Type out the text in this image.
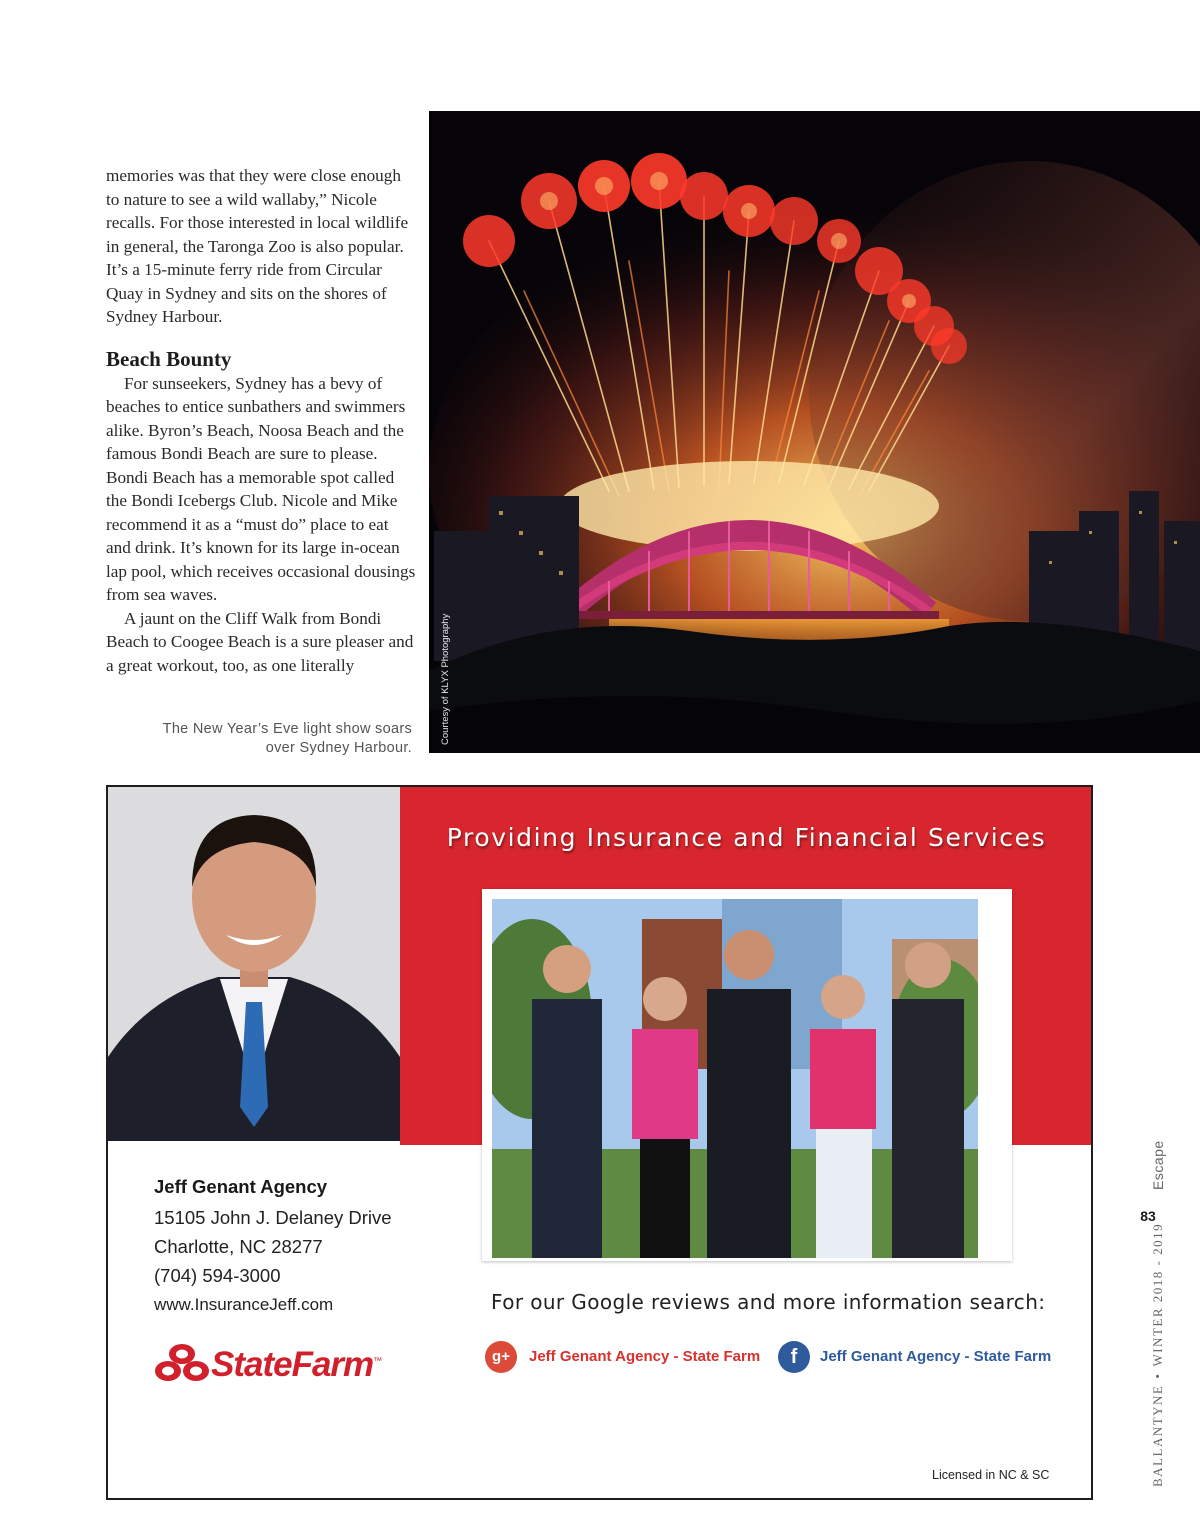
memories was that they were close enough to nature to see a wild wallaby,” Nicole recalls. For those interested in local wildlife in general, the Taronga Zoo is also popular. It’s a 15-minute ferry ride from Circular Quay in Sydney and sits on the shores of Sydney Harbour.

Beach Bounty

For sunseekers, Sydney has a bevy of beaches to entice sunbathers and swimmers alike. Byron’s Beach, Noosa Beach and the famous Bondi Beach are sure to please. Bondi Beach has a memorable spot called the Bondi Icebergs Club. Nicole and Mike recommend it as a “must do” place to eat and drink. It’s known for its large in-ocean lap pool, which receives occasional dousings from sea waves.

A jaunt on the Cliff Walk from Bondi Beach to Coogee Beach is a sure pleaser and a great workout, too, as one literally

The New Year’s Eve light show soars over Sydney Harbour.
Courtesy of KLYX Photography
Providing Insurance and Financial Services
Jeff Genant Agency
15105 John J. Delaney Drive
Charlotte, NC 28277
(704) 594-3000
www.InsuranceJeff.com
StateFarm™
For our Google reviews and more information search:
g+	Jeff Genant Agency - State Farm	f	Jeff Genant Agency - State Farm
Licensed in NC & SC
Escape
83
BALLANTYNE•WINTER 2018 - 2019
